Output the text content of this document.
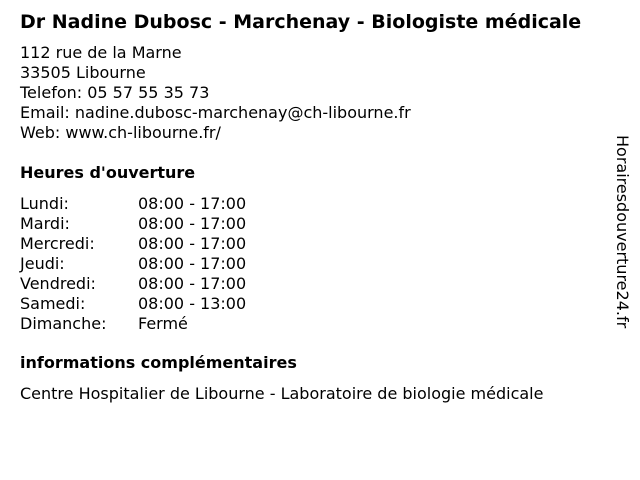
Dr Nadine Dubosc - Marchenay - Biologiste médicale
112 rue de la Marne
33505 Libourne
Telefon: 05 57 55 35 73
Email: nadine.dubosc-marchenay@ch-libourne.fr
Web: www.ch-libourne.fr/
Heures d'ouverture
Lundi:	08:00 - 17:00
Mardi:	08:00 - 17:00
Mercredi:	08:00 - 17:00
Jeudi:	08:00 - 17:00
Vendredi:	08:00 - 17:00
Samedi:	08:00 - 13:00
Dimanche:	Fermé
informations complémentaires
Centre Hospitalier de Libourne - Laboratoire de biologie médicale
Horairesdouverture24.fr
